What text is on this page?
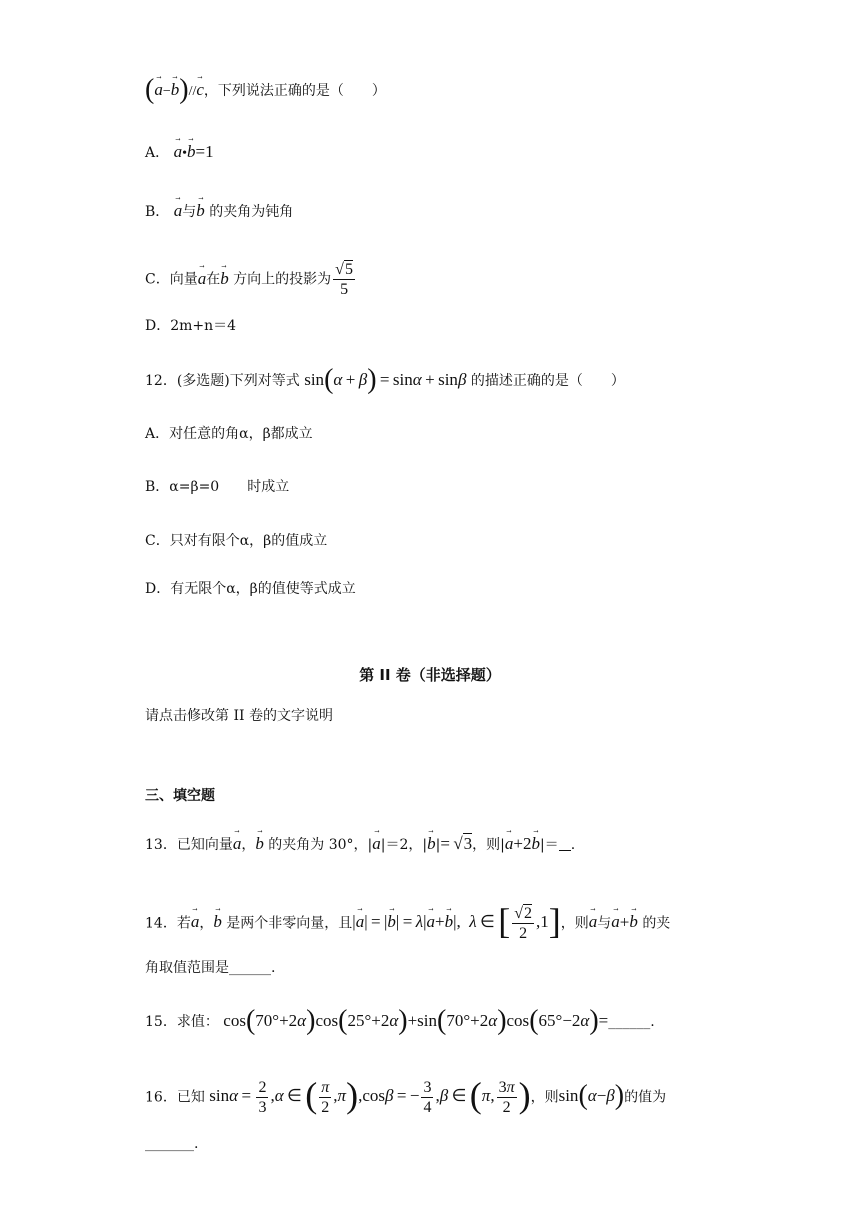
(→ a−→ b)//→ c，下列说法正确的是（　　）
A． → a•→ b=1
B． → a与→ b 的夹角为钝角
C．向量→ a在→ b 方向上的投影为 $\frac{√5}{5}$
D．2m+n＝4
12．(多选题)下列对等式 sin(α + β) = sinα + sinβ 的描述正确的是（　　）
A．对任意的角α，β都成立
B．α=β=0　　时成立
C．只对有限个α，β的值成立
D．有无限个α，β的值使等式成立
第 II 卷（非选择题）
请点击修改第 II 卷的文字说明
三、填空题
13．已知向量→ a，→ b 的夹角为 30°，|→ a|＝2，|→ b|= √3，则|→ a+2→ b|＝ .
14．若→ a，→ b 是两个非零向量，且|→ a| = |→ b| = λ|→ a+→ b|, λ ∈ [ $\frac{√2}{2} ,1$]，则→ a与→ a+→ b 的夹
角取值范围是______.
15．求值： cos(70°+2α)cos(25°+2α)+sin(70°+2α)cos(65°−2α)=______.
16．已知 $\sin\alpha = \frac{2}{3} ,\alpha$ ∈ ( $\frac{\pi}{2} ,\pi),\cos\beta$ = − $\frac{3}{4} ,\beta$ ∈ (π, $\frac{3\pi}{2}$ )，则sin(α−β)的值为
_______.
